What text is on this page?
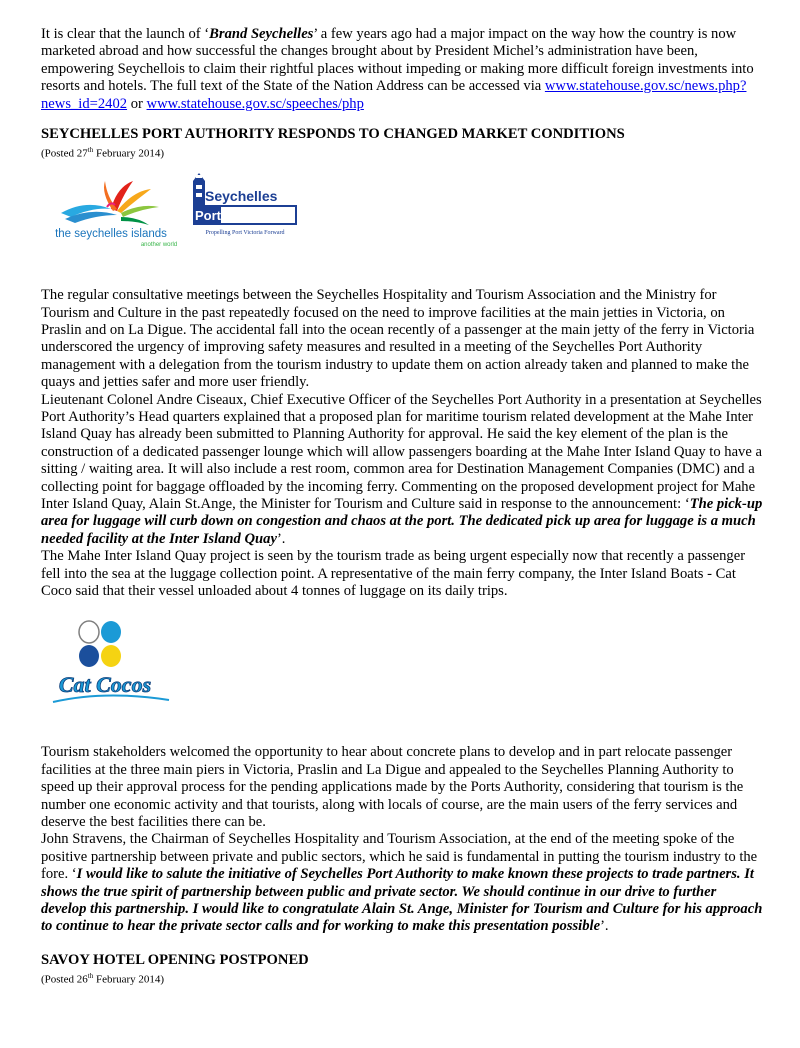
It is clear that the launch of ‘Brand Seychelles’ a few years ago had a major impact on the way how the country is now marketed abroad and how successful the changes brought about by President Michel’s administration have been, empowering Seychellois to claim their rightful places without impeding or making more difficult foreign investments into resorts and hotels. The full text of the State of the Nation Address can be accessed via www.statehouse.gov.sc/news.php?news_id=2402 or www.statehouse.gov.sc/speeches/php

SEYCHELLES PORT AUTHORITY RESPONDS TO CHANGED MARKET CONDITIONS

(Posted 27th February 2014)

the seychelles islands
another world
Seychelles
Ports Authority
Propelling Port Victoria Forward

The regular consultative meetings between the Seychelles Hospitality and Tourism Association and the Ministry for Tourism and Culture in the past repeatedly focused on the need to improve facilities at the main jetties in Victoria, on Praslin and on La Digue. The accidental fall into the ocean recently of a passenger at the main jetty of the ferry in Victoria underscored the urgency of improving safety measures and resulted in a meeting of the Seychelles Port Authority management with a delegation from the tourism industry to update them on action already taken and planned to make the quays and jetties safer and more user friendly.

Lieutenant Colonel Andre Ciseaux, Chief Executive Officer of the Seychelles Port Authority in a presentation at Seychelles Port Authority’s Head quarters explained that a proposed plan for maritime tourism related development at the Mahe Inter Island Quay has already been submitted to Planning Authority for approval. He said the key element of the plan is the construction of a dedicated passenger lounge which will allow passengers boarding at the Mahe Inter Island Quay to have a sitting / waiting area. It will also include a rest room, common area for Destination Management Companies (DMC) and a collecting point for baggage offloaded by the incoming ferry. Commenting on the proposed development project for Mahe Inter Island Quay, Alain St.Ange, the Minister for Tourism and Culture said in response to the announcement: ‘The pick-up area for luggage will curb down on congestion and chaos at the port. The dedicated pick up area for luggage is a much needed facility at the Inter Island Quay’.

The Mahe Inter Island Quay project is seen by the tourism trade as being urgent especially now that recently a passenger fell into the sea at the luggage collection point. A representative of the main ferry company, the Inter Island Boats - Cat Coco said that their vessel unloaded about 4 tonnes of luggage on its daily trips.

Cat Cocos

Tourism stakeholders welcomed the opportunity to hear about concrete plans to develop and in part relocate passenger facilities at the three main piers in Victoria, Praslin and La Digue and appealed to the Seychelles Planning Authority to speed up their approval process for the pending applications made by the Ports Authority, considering that tourism is the number one economic activity and that tourists, along with locals of course, are the main users of the ferry services and deserve the best facilities there can be.

John Stravens, the Chairman of Seychelles Hospitality and Tourism Association, at the end of the meeting spoke of the positive partnership between private and public sectors, which he said is fundamental in putting the tourism industry to the fore. ‘I would like to salute the initiative of Seychelles Port Authority to make known these projects to trade partners. It shows the true spirit of partnership between public and private sector. We should continue in our drive to further develop this partnership. I would like to congratulate Alain St. Ange, Minister for Tourism and Culture for his approach to continue to hear the private sector calls and for working to make this presentation possible’.

SAVOY HOTEL OPENING POSTPONED

(Posted 26th February 2014)
